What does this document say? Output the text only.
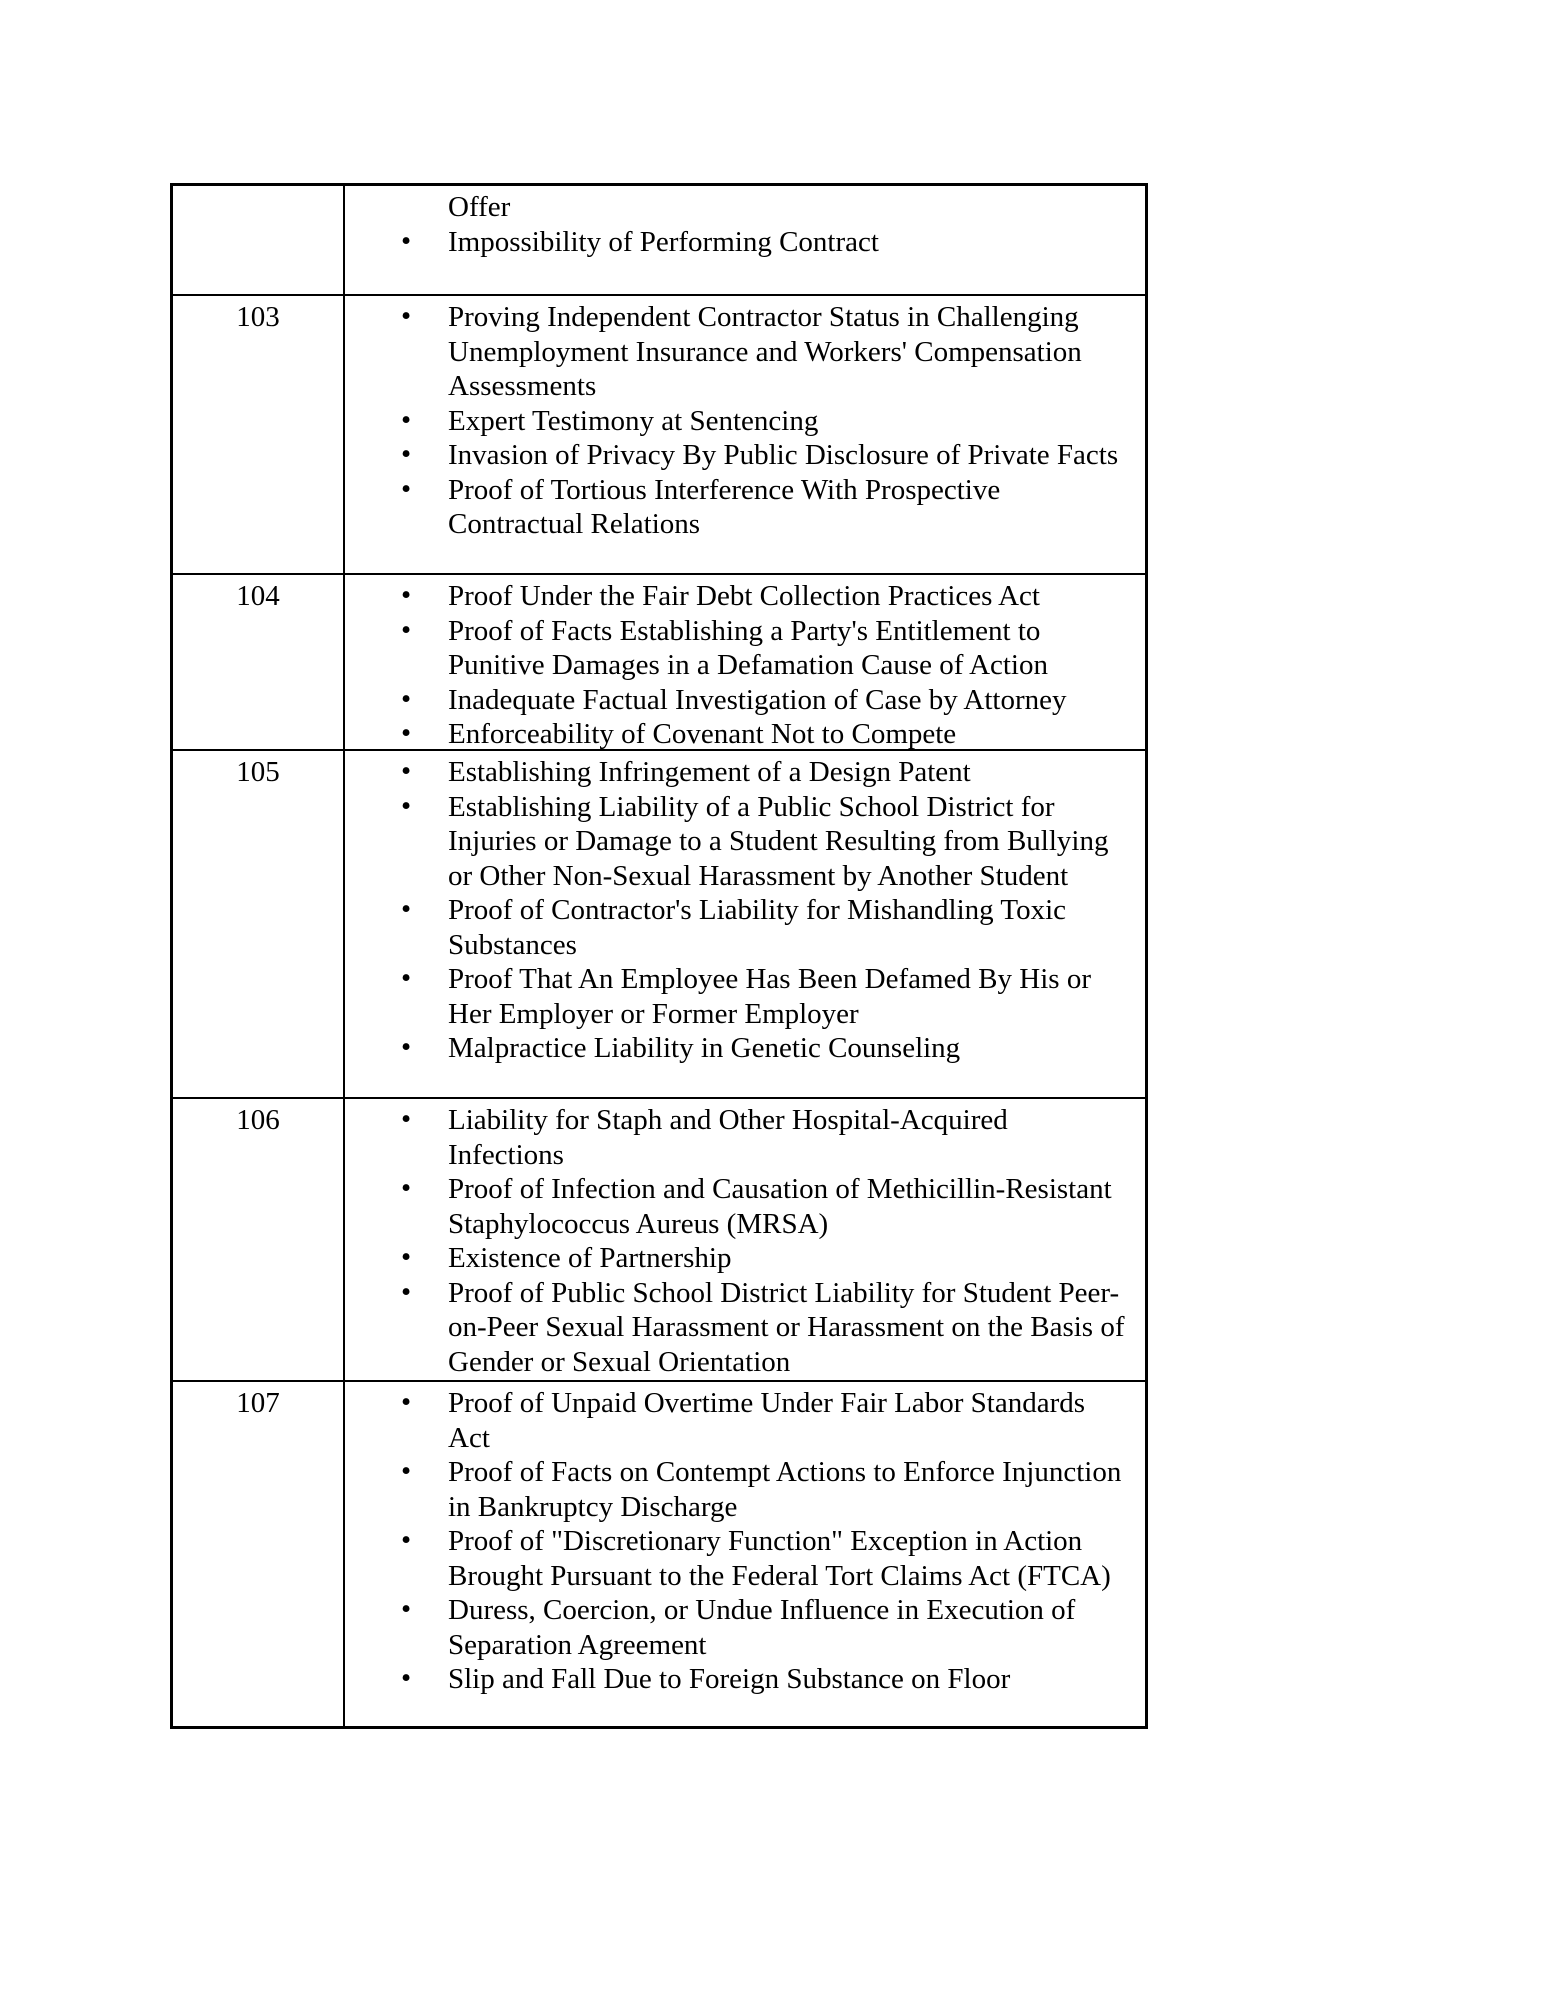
Offer
• Impossibility of Performing Contract
103	• Proving Independent Contractor Status in Challenging Unemployment Insurance and Workers' Compensation Assessments
• Expert Testimony at Sentencing
• Invasion of Privacy By Public Disclosure of Private Facts
• Proof of Tortious Interference With Prospective Contractual Relations
104	• Proof Under the Fair Debt Collection Practices Act
• Proof of Facts Establishing a Party's Entitlement to Punitive Damages in a Defamation Cause of Action
• Inadequate Factual Investigation of Case by Attorney
• Enforceability of Covenant Not to Compete
105	• Establishing Infringement of a Design Patent
• Establishing Liability of a Public School District for Injuries or Damage to a Student Resulting from Bullying or Other Non-Sexual Harassment by Another Student
• Proof of Contractor's Liability for Mishandling Toxic Substances
• Proof That An Employee Has Been Defamed By His or Her Employer or Former Employer
• Malpractice Liability in Genetic Counseling
106	• Liability for Staph and Other Hospital-Acquired Infections
• Proof of Infection and Causation of Methicillin-Resistant Staphylococcus Aureus (MRSA)
• Existence of Partnership
• Proof of Public School District Liability for Student Peer-on-Peer Sexual Harassment or Harassment on the Basis of Gender or Sexual Orientation
107	• Proof of Unpaid Overtime Under Fair Labor Standards Act
• Proof of Facts on Contempt Actions to Enforce Injunction in Bankruptcy Discharge
• Proof of "Discretionary Function" Exception in Action Brought Pursuant to the Federal Tort Claims Act (FTCA)
• Duress, Coercion, or Undue Influence in Execution of Separation Agreement
• Slip and Fall Due to Foreign Substance on Floor
